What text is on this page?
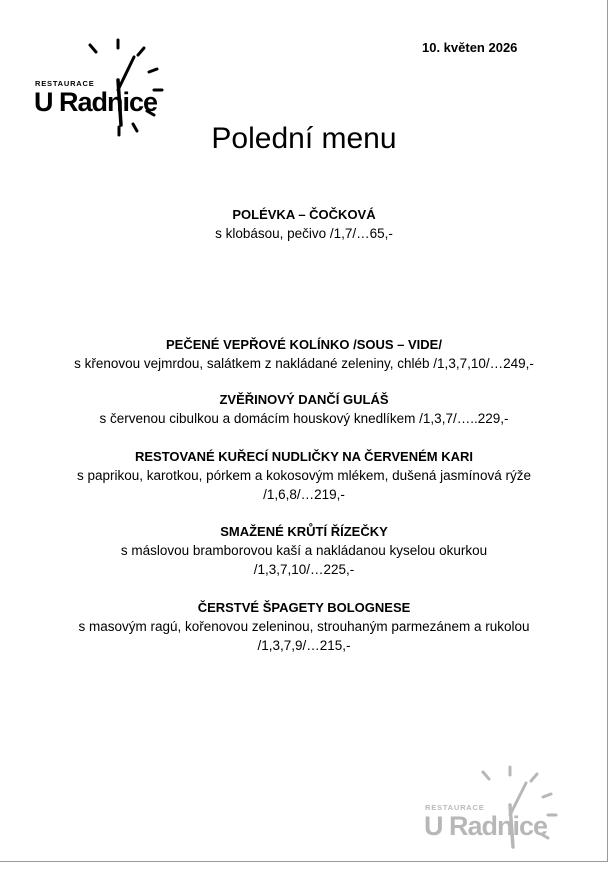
RESTAURACE
U Radnice
10. květen 2026
Polední menu
POLÉVKA – ČOČKOVÁ
s klobásou, pečivo /1,7/…65,-
PEČENÉ VEPŘOVÉ KOLÍNKO /SOUS – VIDE/
s křenovou vejmrdou, salátkem z nakládané zeleniny, chléb /1,3,7,10/…249,-
ZVĚŘINOVÝ DANČÍ GULÁŠ
s červenou cibulkou a domácím houskový knedlíkem /1,3,7/…..229,-
RESTOVANÉ KUŘECÍ NUDLIČKY NA ČERVENÉM KARI
s paprikou, karotkou, pórkem a kokosovým mlékem, dušená jasmínová rýže
/1,6,8/…219,-
SMAŽENÉ KRŮTÍ ŘÍZEČKY
s máslovou bramborovou kaší a nakládanou kyselou okurkou
/1,3,7,10/…225,-
ČERSTVÉ ŠPAGETY BOLOGNESE
s masovým ragú, kořenovou zeleninou, strouhaným parmezánem a rukolou
/1,3,7,9/…215,-
RESTAURACE
U Radnice
